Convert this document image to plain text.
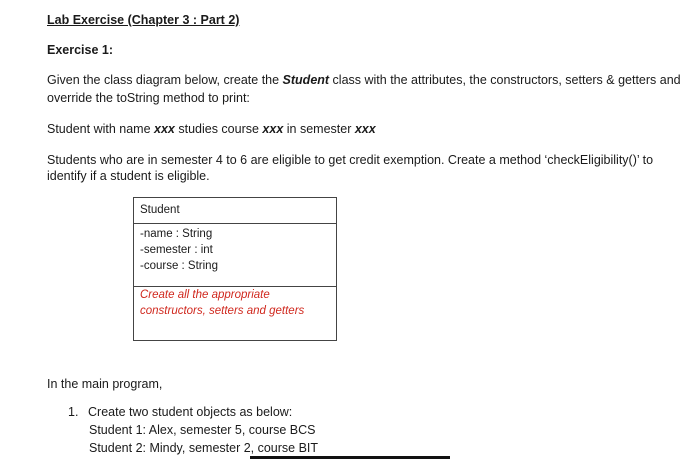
Lab Exercise (Chapter 3 : Part 2)
Exercise 1:
Given the class diagram below, create the Student class with the attributes, the constructors, setters & getters and
override the toString method to print:
Student with name xxx studies course xxx in semester xxx
Students who are in semester 4 to 6 are eligible to get credit exemption. Create a method ‘checkEligibility()’ to
identify if a student is eligible.
Student
-name : String
-semester : int
-course : String
Create all the appropriate
constructors, setters and getters
In the main program,
1. Create two student objects as below:
Student 1: Alex, semester 5, course BCS
Student 2: Mindy, semester 2, course BIT
